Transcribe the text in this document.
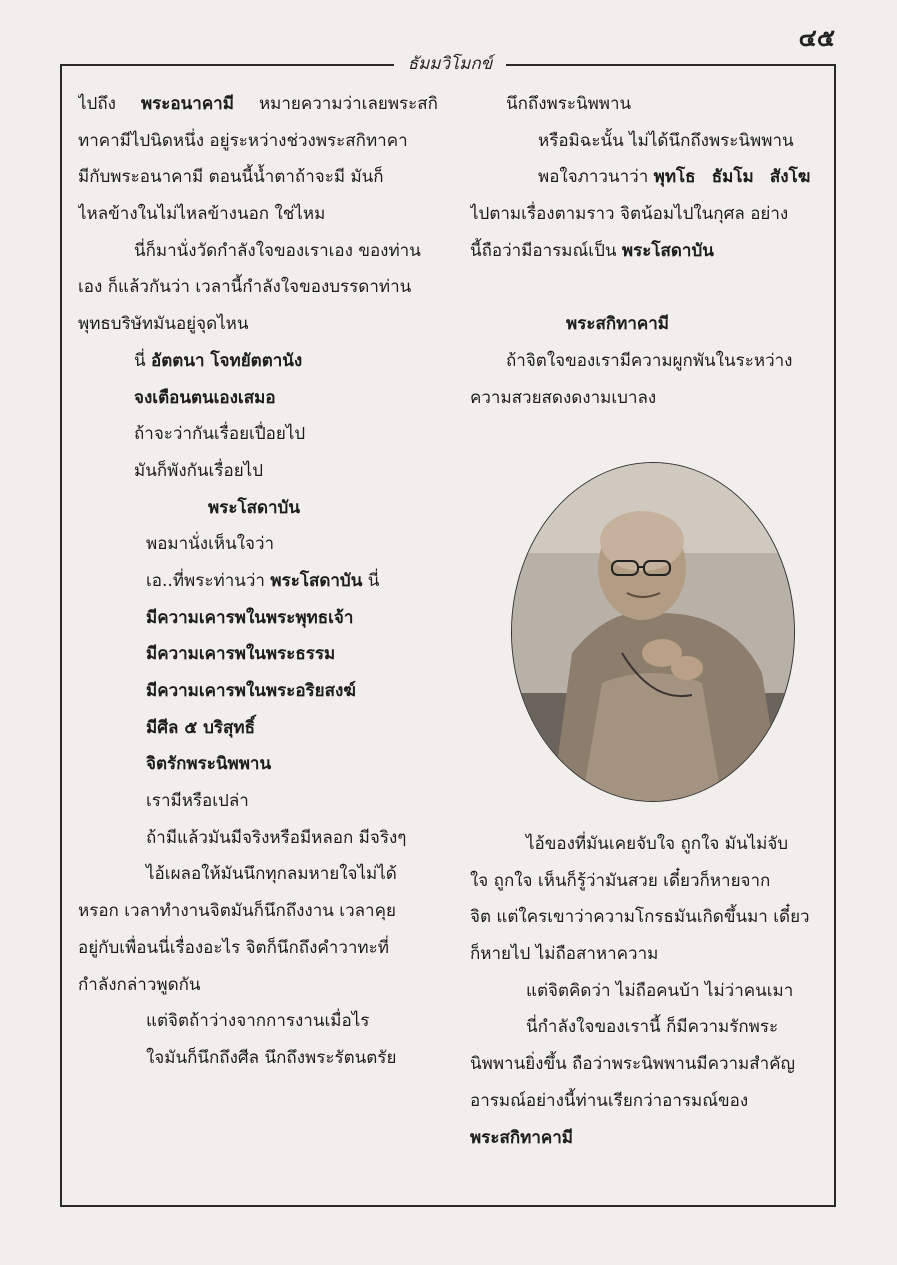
๔๕
ธัมมวิโมกข์
ไปถึง พระอนาคามี หมายความว่าเลยพระสกิ
ทาคามีไปนิดหนึ่ง อยู่ระหว่างช่วงพระสกิทาคา
มีกับพระอนาคามี ตอนนี้น้ำตาถ้าจะมี มันก็
ไหลข้างในไม่ไหลข้างนอก ใช่ไหม
นี่ก็มานั่งวัดกำลังใจของเราเอง ของท่าน
เอง ก็แล้วกันว่า เวลานี้กำลังใจของบรรดาท่าน
พุทธบริษัทมันอยู่จุดไหน
นี่ อัตตนา โจทยัตตานัง
จงเตือนตนเองเสมอ
ถ้าจะว่ากันเรื่อยเปื่อยไป
มันก็พังกันเรื่อยไป
พระโสดาบัน
พอมานั่งเห็นใจว่า
เอ..ที่พระท่านว่า พระโสดาบัน นี่
มีความเคารพในพระพุทธเจ้า
มีความเคารพในพระธรรม
มีความเคารพในพระอริยสงฆ์
มีศีล ๕ บริสุทธิ์
จิตรักพระนิพพาน
เรามีหรือเปล่า
ถ้ามีแล้วมันมีจริงหรือมีหลอก มีจริงๆ
ไอ้เผลอให้มันนึกทุกลมหายใจไม่ได้
หรอก เวลาทำงานจิตมันก็นึกถึงงาน เวลาคุย
อยู่กับเพื่อนนี่เรื่องอะไร จิตก็นึกถึงคำวาทะที่
กำลังกล่าวพูดกัน
แต่จิตถ้าว่างจากการงานเมื่อไร
ใจมันก็นึกถึงศีล นึกถึงพระรัตนตรัย
นึกถึงพระนิพพาน
หรือมิฉะนั้น ไม่ได้นึกถึงพระนิพพาน
พอใจภาวนาว่า พุทโธ ธัมโม สังโฆ
ไปตามเรื่องตามราว จิตน้อมไปในกุศล อย่าง
นี้ถือว่ามีอารมณ์เป็น พระโสดาบัน
พระสกิทาคามี
ถ้าจิตใจของเรามีความผูกพันในระหว่าง
ความสวยสดงดงามเบาลง
ไอ้ของที่มันเคยจับใจ ถูกใจ มันไม่จับ
ใจ ถูกใจ เห็นก็รู้ว่ามันสวย เดี๋ยวก็หายจาก
จิต แต่ใครเขาว่าความโกรธมันเกิดขึ้นมา เดี๋ยว
ก็หายไป ไม่ถือสาหาความ
แต่จิตคิดว่า ไม่ถือคนบ้า ไม่ว่าคนเมา
นี่กำลังใจของเรานี้ ก็มีความรักพระ
นิพพานยิ่งขึ้น ถือว่าพระนิพพานมีความสำคัญ
อารมณ์อย่างนี้ท่านเรียกว่าอารมณ์ของ
พระสกิทาคามี
